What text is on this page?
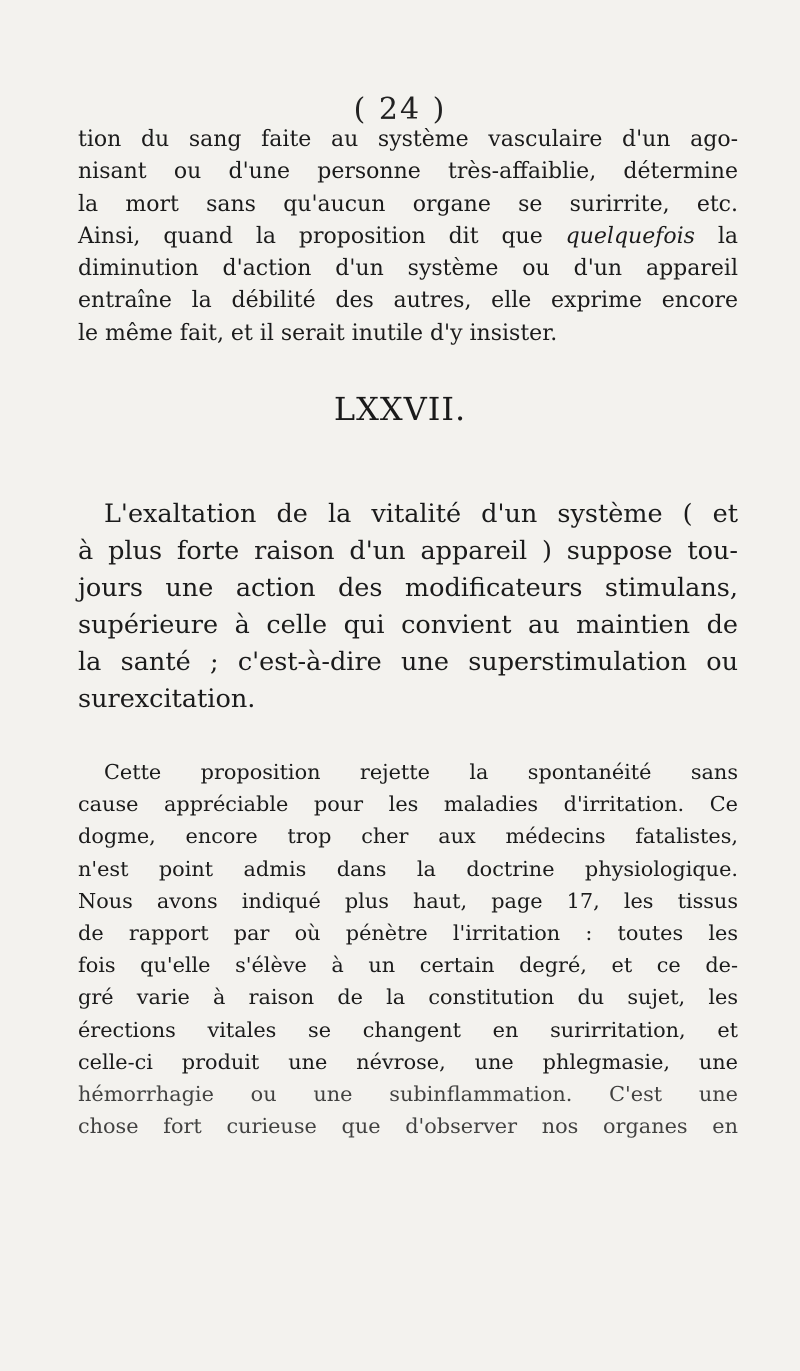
( 24 )
tion du sang faite au système vasculaire d'un ago-
nisant ou d'une personne très-affaiblie, détermine
la mort sans qu'aucun organe se surirrite, etc.
Ainsi, quand la proposition dit que quelquefois la
diminution d'action d'un système ou d'un appareil
entraîne la débilité des autres, elle exprime encore
le même fait, et il serait inutile d'y insister.
LXXVII.
L'exaltation de la vitalité d'un système ( et
à plus forte raison d'un appareil ) suppose tou-
jours une action des modificateurs stimulans,
supérieure à celle qui convient au maintien de
la santé ; c'est-à-dire une superstimulation ou
surexcitation.
Cette proposition rejette la spontanéité sans
cause appréciable pour les maladies d'irritation. Ce
dogme, encore trop cher aux médecins fatalistes,
n'est point admis dans la doctrine physiologique.
Nous avons indiqué plus haut, page 17, les tissus
de rapport par où pénètre l'irritation : toutes les
fois qu'elle s'élève à un certain degré, et ce de-
gré varie à raison de la constitution du sujet, les
érections vitales se changent en surirritation, et
celle-ci produit une névrose, une phlegmasie, une
hémorrhagie ou une subinflammation. C'est une
chose fort curieuse que d'observer nos organes en
